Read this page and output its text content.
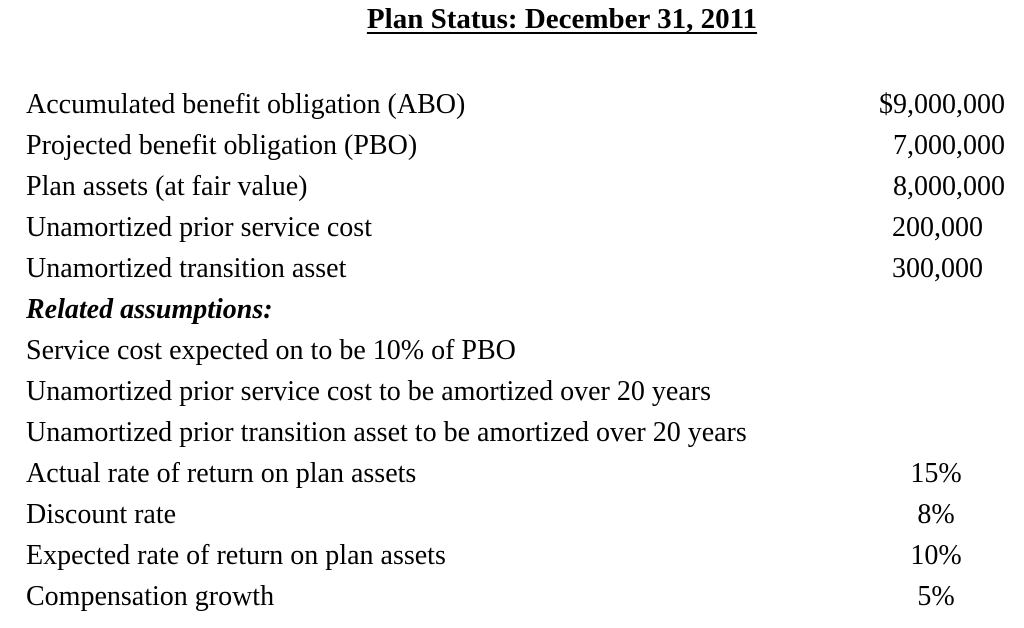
Plan Status: December 31, 2011
Accumulated benefit obligation (ABO)	$9,000,000
Projected benefit obligation (PBO)	7,000,000
Plan assets (at fair value)	8,000,000
Unamortized prior service cost	200,000
Unamortized transition asset	300,000
Related assumptions:
Service cost expected on to be 10% of PBO
Unamortized prior service cost to be amortized over 20 years
Unamortized prior transition asset to be amortized over 20 years
Actual rate of return on plan assets	15%
Discount rate	8%
Expected rate of return on plan assets	10%
Compensation growth	5%
